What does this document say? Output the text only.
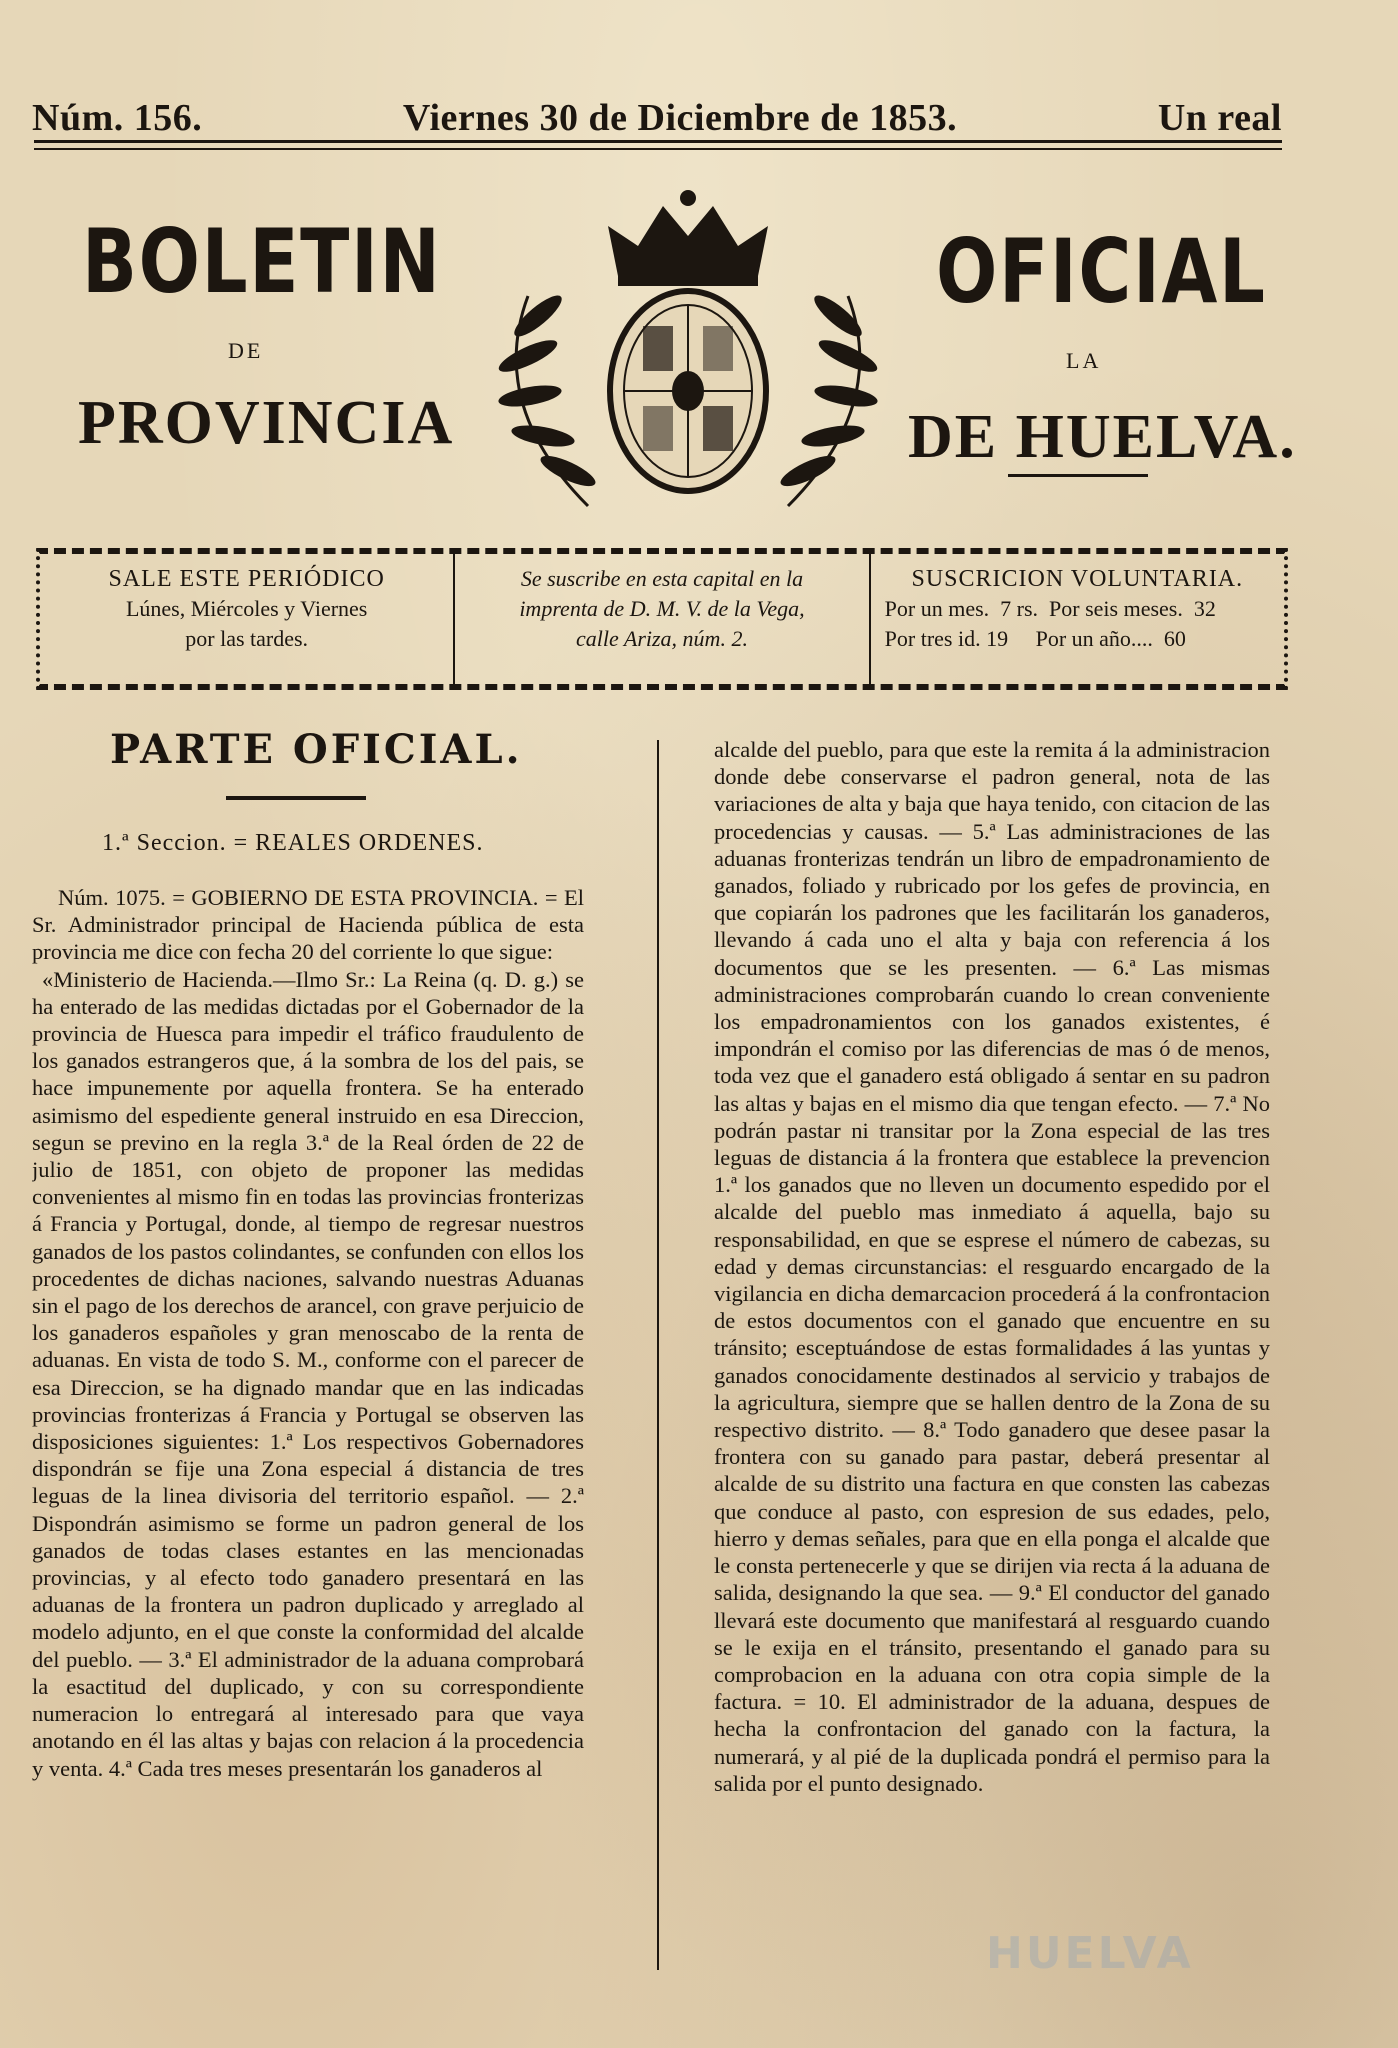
Núm. 156.	Viernes 30 de Diciembre de 1853.	Un real
BOLETIN
DE
PROVINCIA
OFICIAL
LA
DE HUELVA.
SALE ESTE PERIÓDICO
Lúnes, Miércoles y Viernes
por las tardes.
Se suscribe en esta capital en la
imprenta de D. M. V. de la Vega,
calle Ariza, núm. 2.
SUSCRICION VOLUNTARIA.
Por un mes.  7 rs.  Por seis meses.  32
Por tres id. 19     Por un año....  60
PARTE OFICIAL.
1.ª Seccion. = REALES ORDENES.

Núm. 1075. = GOBIERNO DE ESTA PROVINCIA. = El Sr. Administrador principal de Hacienda pública de esta provincia me dice con fecha 20 del corriente lo que sigue:

«Ministerio de Hacienda.—Ilmo Sr.: La Reina (q. D. g.) se ha enterado de las medidas dictadas por el Gobernador de la provincia de Huesca para impedir el tráfico fraudulento de los ganados estrangeros que, á la sombra de los del pais, se hace impunemente por aquella frontera. Se ha enterado asimismo del espediente general instruido en esa Direccion, segun se previno en la regla 3.ª de la Real órden de 22 de julio de 1851, con objeto de proponer las medidas convenientes al mismo fin en todas las provincias fronterizas á Francia y Portugal, donde, al tiempo de regresar nuestros ganados de los pastos colindantes, se confunden con ellos los procedentes de dichas naciones, salvando nuestras Aduanas sin el pago de los derechos de arancel, con grave perjuicio de los ganaderos españoles y gran menoscabo de la renta de aduanas. En vista de todo S. M., conforme con el parecer de esa Direccion, se ha dignado mandar que en las indicadas provincias fronterizas á Francia y Portugal se observen las disposiciones siguientes: 1.ª Los respectivos Gobernadores dispondrán se fije una Zona especial á distancia de tres leguas de la linea divisoria del territorio español. — 2.ª Dispondrán asimismo se forme un padron general de los ganados de todas clases estantes en las mencionadas provincias, y al efecto todo ganadero presentará en las aduanas de la frontera un padron duplicado y arreglado al modelo adjunto, en el que conste la conformidad del alcalde del pueblo. — 3.ª El administrador de la aduana comprobará la esactitud del duplicado, y con su correspondiente numeracion lo entregará al interesado para que vaya anotando en él las altas y bajas con relacion á la procedencia y venta. 4.ª Cada tres meses presentarán los ganaderos al

alcalde del pueblo, para que este la remita á la administracion donde debe conservarse el padron general, nota de las variaciones de alta y baja que haya tenido, con citacion de las procedencias y causas. — 5.ª Las administraciones de las aduanas fronterizas tendrán un libro de empadronamiento de ganados, foliado y rubricado por los gefes de provincia, en que copiarán los padrones que les facilitarán los ganaderos, llevando á cada uno el alta y baja con referencia á los documentos que se les presenten. — 6.ª Las mismas administraciones comprobarán cuando lo crean conveniente los empadronamientos con los ganados existentes, é impondrán el comiso por las diferencias de mas ó de menos, toda vez que el ganadero está obligado á sentar en su padron las altas y bajas en el mismo dia que tengan efecto. — 7.ª No podrán pastar ni transitar por la Zona especial de las tres leguas de distancia á la frontera que establece la prevencion 1.ª los ganados que no lleven un documento espedido por el alcalde del pueblo mas inmediato á aquella, bajo su responsabilidad, en que se esprese el número de cabezas, su edad y demas circunstancias: el resguardo encargado de la vigilancia en dicha demarcacion procederá á la confrontacion de estos documentos con el ganado que encuentre en su tránsito; esceptuándose de estas formalidades á las yuntas y ganados conocidamente destinados al servicio y trabajos de la agricultura, siempre que se hallen dentro de la Zona de su respectivo distrito. — 8.ª Todo ganadero que desee pasar la frontera con su ganado para pastar, deberá presentar al alcalde de su distrito una factura en que consten las cabezas que conduce al pasto, con espresion de sus edades, pelo, hierro y demas señales, para que en ella ponga el alcalde que le consta pertenecerle y que se dirijen via recta á la aduana de salida, designando la que sea. — 9.ª El conductor del ganado llevará este documento que manifestará al resguardo cuando se le exija en el tránsito, presentando el ganado para su comprobacion en la aduana con otra copia simple de la factura. = 10. El administrador de la aduana, despues de hecha la confrontacion del ganado con la factura, la numerará, y al pié de la duplicada pondrá el permiso para la salida por el punto designado.

HUELVA
